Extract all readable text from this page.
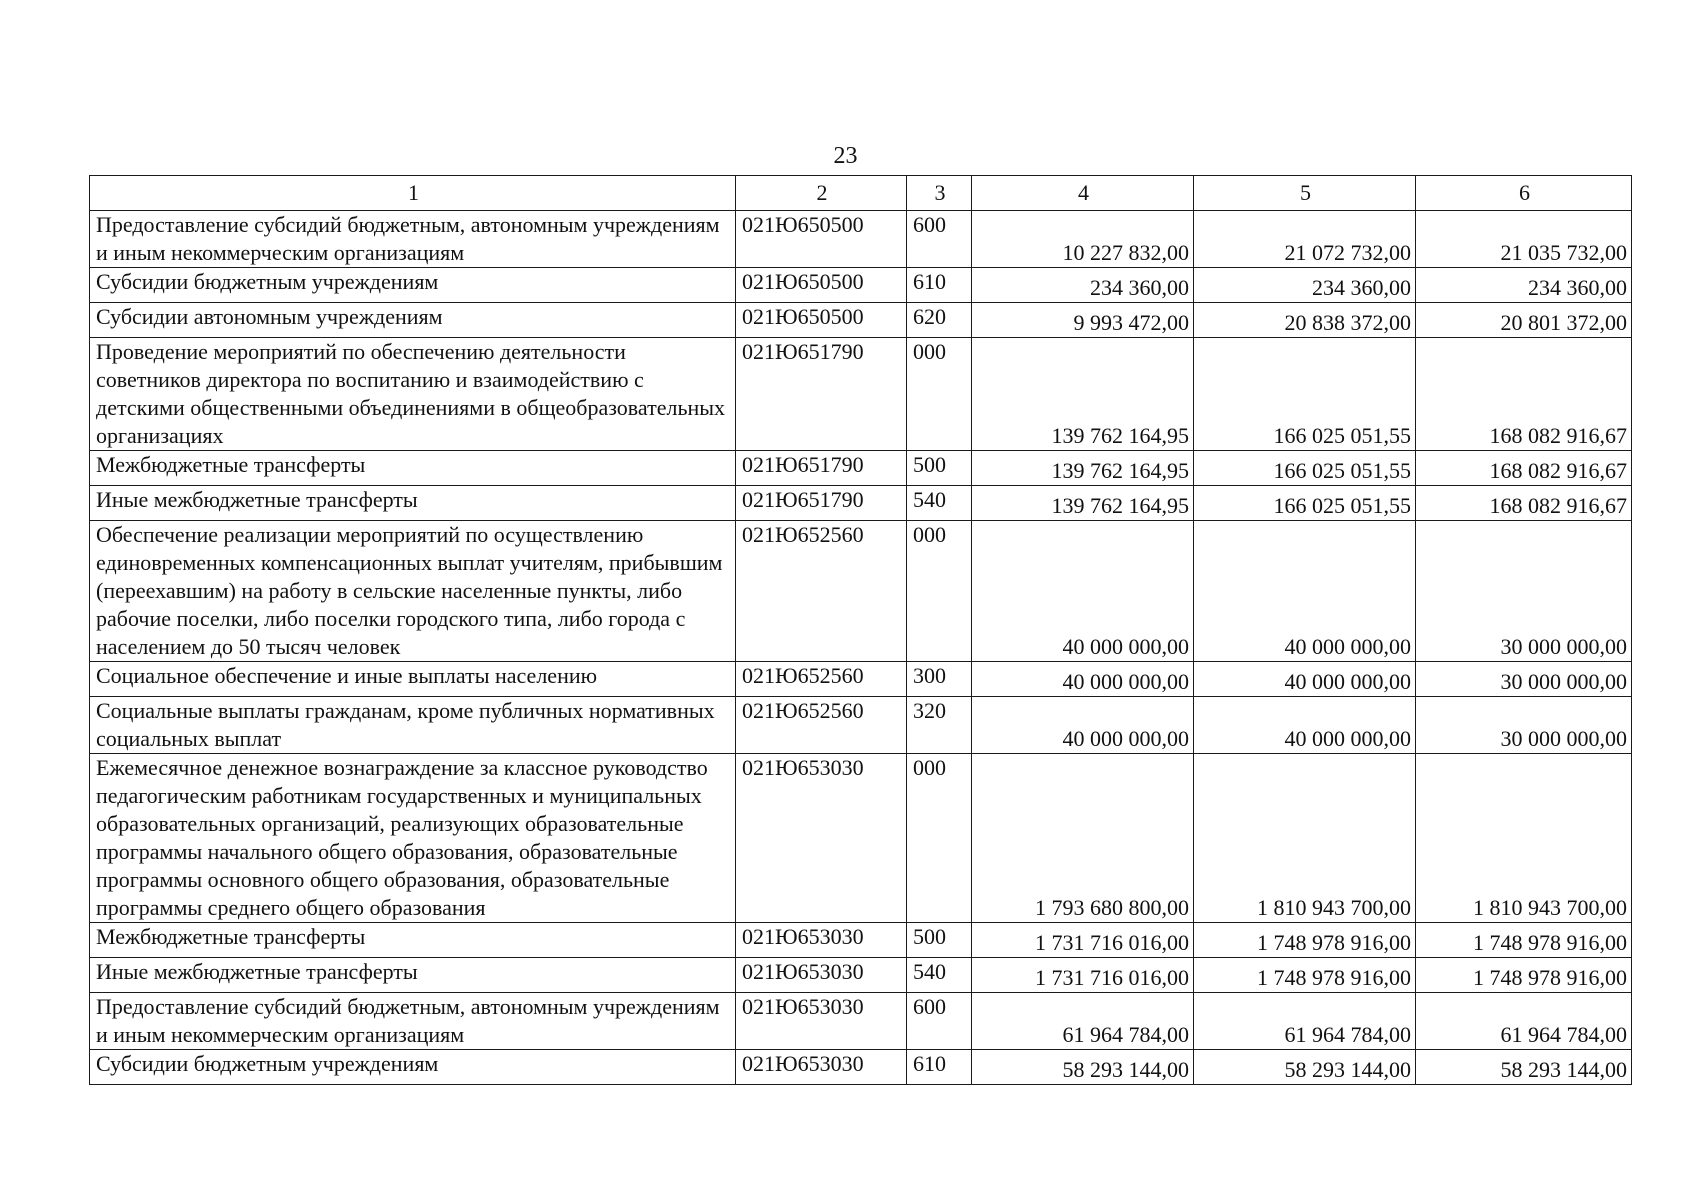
23
1	2	3	4	5	6
Предоставление субсидий бюджетным, автономным учреждениям и иным некоммерческим организациям	021Ю650500	600	10 227 832,00	21 072 732,00	21 035 732,00
Субсидии бюджетным учреждениям	021Ю650500	610	234 360,00	234 360,00	234 360,00
Субсидии автономным учреждениям	021Ю650500	620	9 993 472,00	20 838 372,00	20 801 372,00
Проведение мероприятий по обеспечению деятельности советников директора по воспитанию и взаимодействию с детскими общественными объединениями в общеобразовательных организациях	021Ю651790	000	139 762 164,95	166 025 051,55	168 082 916,67
Межбюджетные трансферты	021Ю651790	500	139 762 164,95	166 025 051,55	168 082 916,67
Иные межбюджетные трансферты	021Ю651790	540	139 762 164,95	166 025 051,55	168 082 916,67
Обеспечение реализации мероприятий по осуществлению единовременных компенсационных выплат учителям, прибывшим (переехавшим) на работу в сельские населенные пункты, либо рабочие поселки, либо поселки городского типа, либо города с населением до 50 тысяч человек	021Ю652560	000	40 000 000,00	40 000 000,00	30 000 000,00
Социальное обеспечение и иные выплаты населению	021Ю652560	300	40 000 000,00	40 000 000,00	30 000 000,00
Социальные выплаты гражданам, кроме публичных нормативных социальных выплат	021Ю652560	320	40 000 000,00	40 000 000,00	30 000 000,00
Ежемесячное денежное вознаграждение за классное руководство педагогическим работникам государственных и муниципальных образовательных организаций, реализующих образовательные программы начального общего образования, образовательные программы основного общего образования, образовательные программы среднего общего образования	021Ю653030	000	1 793 680 800,00	1 810 943 700,00	1 810 943 700,00
Межбюджетные трансферты	021Ю653030	500	1 731 716 016,00	1 748 978 916,00	1 748 978 916,00
Иные межбюджетные трансферты	021Ю653030	540	1 731 716 016,00	1 748 978 916,00	1 748 978 916,00
Предоставление субсидий бюджетным, автономным учреждениям и иным некоммерческим организациям	021Ю653030	600	61 964 784,00	61 964 784,00	61 964 784,00
Субсидии бюджетным учреждениям	021Ю653030	610	58 293 144,00	58 293 144,00	58 293 144,00
